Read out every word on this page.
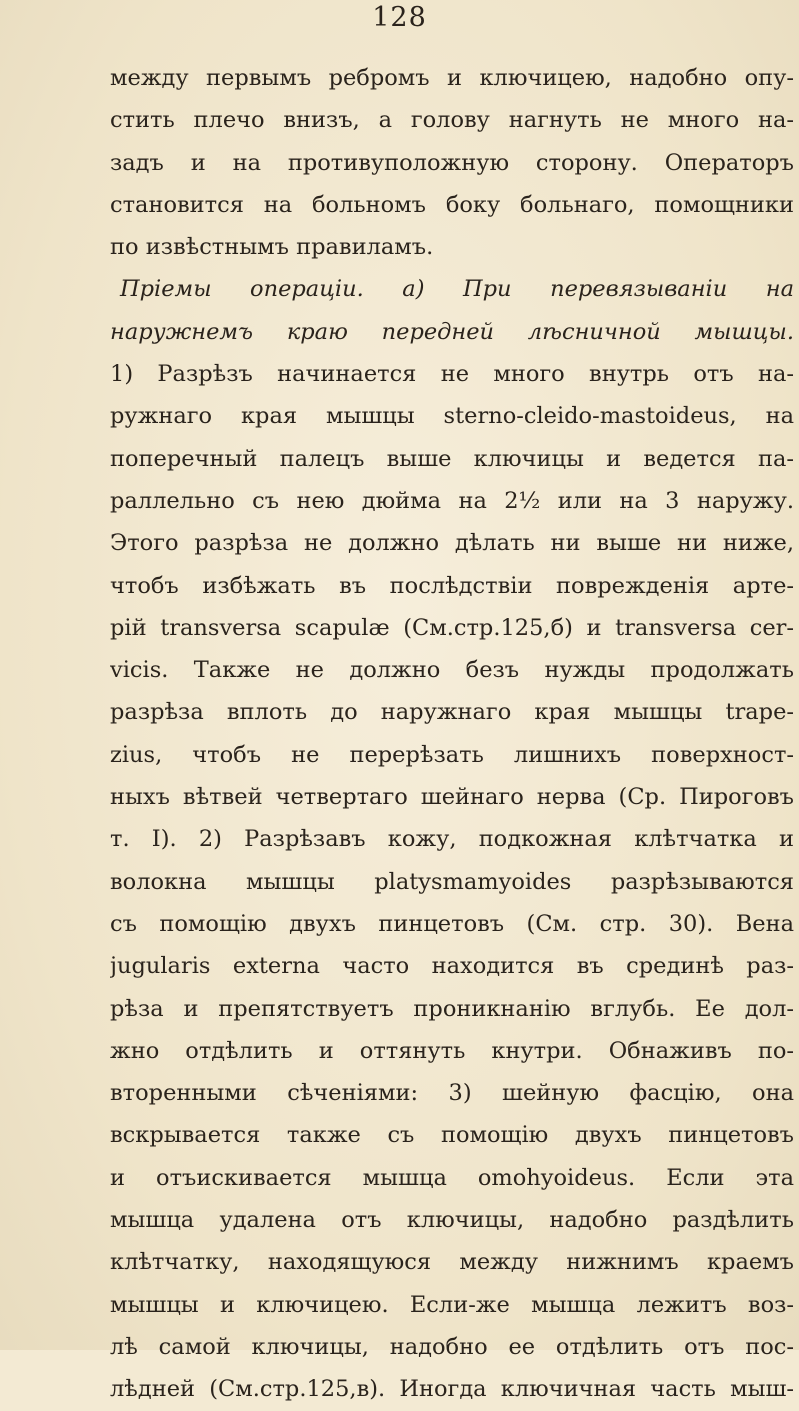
128
между первымъ ребромъ и ключицею, надобно опу-
стить плечо внизъ, а голову нагнуть не много на-
задъ и на противуположную сторону. Операторъ
становится на больномъ боку больнаго, помощники
по извѣстнымъ правиламъ.
Пріемы операціи. а) При перевязываніи на
наружнемъ краю передней лѣсничной мышцы.
1) Разрѣзъ начинается не много внутрь отъ на-
ружнаго края мышцы sterno-cleido-mastoideus, на
поперечный палецъ выше ключицы и ведется па-
раллельно съ нею дюйма на 2½ или на 3 наружу.
Этого разрѣза не должно дѣлать ни выше ни ниже,
чтобъ избѣжать въ послѣдствіи поврежденія арте-
рій transversa scapulæ (См.стр.125,б) и transversa cer-
vicis. Также не должно безъ нужды продолжать
разрѣза вплоть до наружнаго края мышцы trape-
zius, чтобъ не перерѣзать лишнихъ поверхност-
ныхъ вѣтвей четвертаго шейнаго нерва (Ср. Пироговъ
т. I). 2) Разрѣзавъ кожу, подкожная клѣтчатка и
волокна мышцы platysmamyoides разрѣзываются
съ помощію двухъ пинцетовъ (См. стр. 30). Вена
jugularis externa часто находится въ срединѣ раз-
рѣза и препятствуетъ проникнанію вглубь. Ее дол-
жно отдѣлить и оттянуть кнутри. Обнаживъ по-
вторенными сѣченіями: 3) шейную фасцію, она
вскрывается также съ помощію двухъ пинцетовъ
и отъискивается мышца omohyoideus. Если эта
мышца удалена отъ ключицы, надобно раздѣлить
клѣтчатку, находящуюся между нижнимъ краемъ
мышцы и ключицею. Если-же мышца лежитъ воз-
лѣ самой ключицы, надобно ее отдѣлить отъ пос-
лѣдней (См.стр.125,в). Иногда ключичная часть мыш-
